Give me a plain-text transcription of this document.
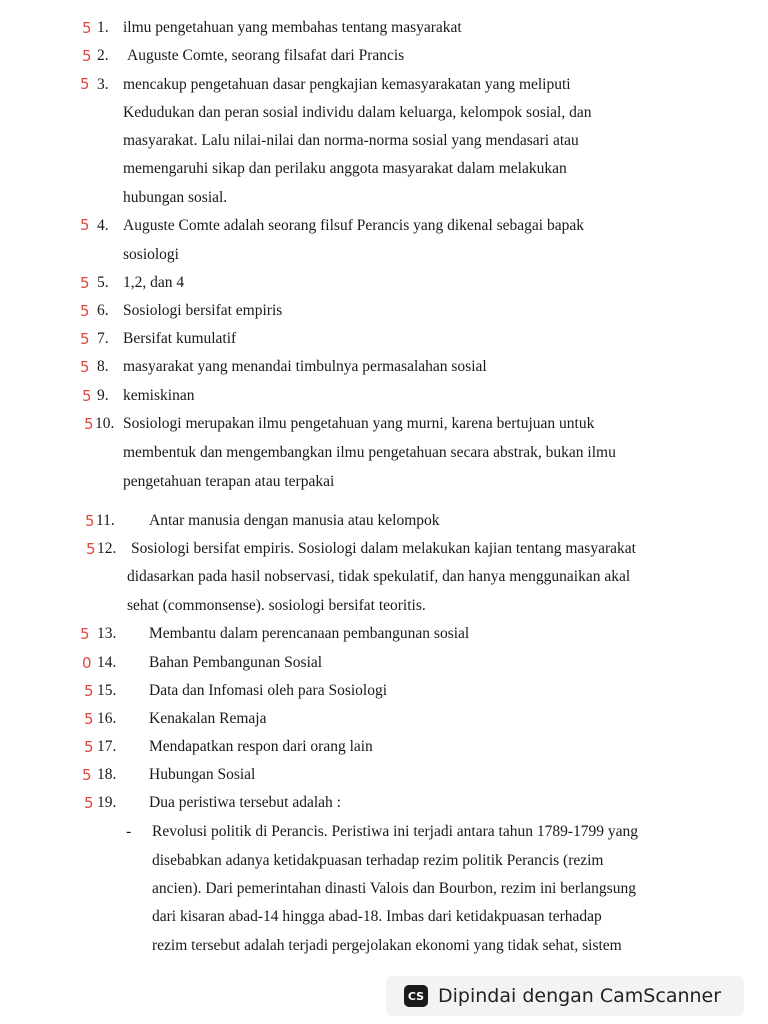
5 1. ilmu pengetahuan yang membahas tentang masyarakat
5 2. Auguste Comte, seorang filsafat dari Prancis
5 3. mencakup pengetahuan dasar pengkajian kemasyarakatan yang meliputi
Kedudukan dan peran sosial individu dalam keluarga, kelompok sosial, dan
masyarakat. Lalu nilai-nilai dan norma-norma sosial yang mendasari atau
memengaruhi sikap dan perilaku anggota masyarakat dalam melakukan
hubungan sosial.
5 4. Auguste Comte adalah seorang filsuf Perancis yang dikenal sebagai bapak
sosiologi
5 5. 1,2, dan 4
5 6. Sosiologi bersifat empiris
5 7. Bersifat kumulatif
5 8. masyarakat yang menandai timbulnya permasalahan sosial
5 9. kemiskinan
5 10. Sosiologi merupakan ilmu pengetahuan yang murni, karena bertujuan untuk
membentuk dan mengembangkan ilmu pengetahuan secara abstrak, bukan ilmu
pengetahuan terapan atau terpakai
5 11. Antar manusia dengan manusia atau kelompok
5 12. Sosiologi bersifat empiris. Sosiologi dalam melakukan kajian tentang masyarakat
didasarkan pada hasil nobservasi, tidak spekulatif, dan hanya menggunaikan akal
sehat (commonsense). sosiologi bersifat teoritis.
5 13. Membantu dalam perencanaan pembangunan sosial
0 14. Bahan Pembangunan Sosial
5 15. Data dan Infomasi oleh para Sosiologi
5 16. Kenakalan Remaja
5 17. Mendapatkan respon dari orang lain
5 18. Hubungan Sosial
5 19. Dua peristiwa tersebut adalah :
- Revolusi politik di Perancis. Peristiwa ini terjadi antara tahun 1789-1799 yang
disebabkan adanya ketidakpuasan terhadap rezim politik Perancis (rezim
ancien). Dari pemerintahan dinasti Valois dan Bourbon, rezim ini berlangsung
dari kisaran abad-14 hingga abad-18. Imbas dari ketidakpuasan terhadap
rezim tersebut adalah terjadi pergejolakan ekonomi yang tidak sehat, sistem
CS Dipindai dengan CamScanner
